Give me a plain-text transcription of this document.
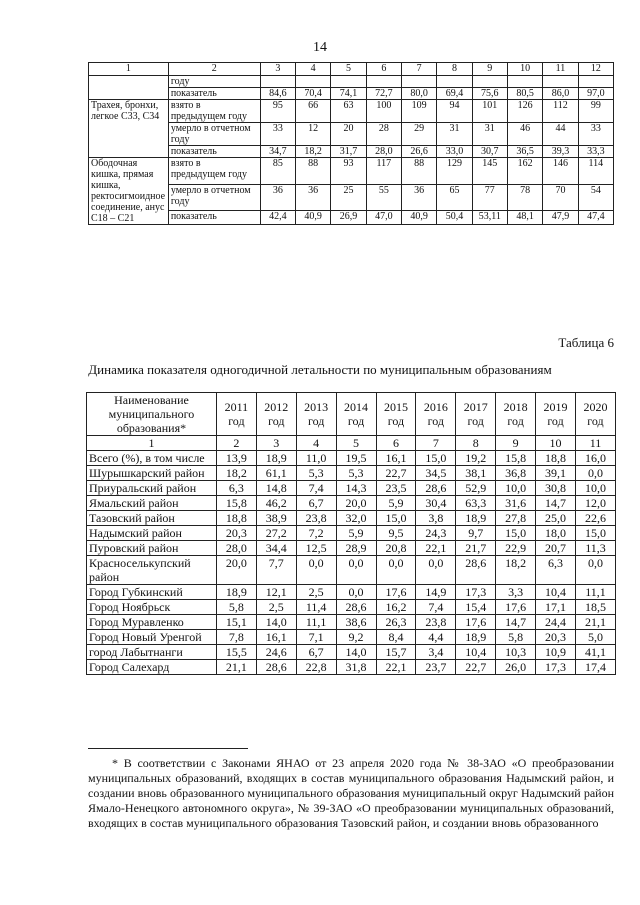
14
1	2	3	4	5	6	7	8	9	10	11	12
	году										
	показатель	84,6	70,4	74,1	72,7	80,0	69,4	75,6	80,5	86,0	97,0
Трахея, бронхи, легкое С33, С34	взято в предыдущем году	95	66	63	100	109	94	101	126	112	99
	умерло в отчетном году	33	12	20	28	29	31	31	46	44	33
	показатель	34,7	18,2	31,7	28,0	26,6	33,0	30,7	36,5	39,3	33,3
Ободочная кишка, прямая кишка, ректосигмоидное соединение, анус С18 – С21	взято в предыдущем году	85	88	93	117	88	129	145	162	146	114
	умерло в отчетном году	36	36	25	55	36	65	77	78	70	54
	показатель	42,4	40,9	26,9	47,0	40,9	50,4	53,11	48,1	47,9	47,4
Таблица 6
Динамика показателя одногодичной летальности по муниципальным образованиям
Наименование муниципального образования*	2011 год	2012 год	2013 год	2014 год	2015 год	2016 год	2017 год	2018 год	2019 год	2020 год
1	2	3	4	5	6	7	8	9	10	11
Всего (%), в том числе	13,9	18,9	11,0	19,5	16,1	15,0	19,2	15,8	18,8	16,0
Шурышкарский район	18,2	61,1	5,3	5,3	22,7	34,5	38,1	36,8	39,1	0,0
Приуральский район	6,3	14,8	7,4	14,3	23,5	28,6	52,9	10,0	30,8	10,0
Ямальский район	15,8	46,2	6,7	20,0	5,9	30,4	63,3	31,6	14,7	12,0
Тазовский район	18,8	38,9	23,8	32,0	15,0	3,8	18,9	27,8	25,0	22,6
Надымский район	20,3	27,2	7,2	5,9	9,5	24,3	9,7	15,0	18,0	15,0
Пуровский район	28,0	34,4	12,5	28,9	20,8	22,1	21,7	22,9	20,7	11,3
Красноселькупский район	20,0	7,7	0,0	0,0	0,0	0,0	28,6	18,2	6,3	0,0
Город Губкинский	18,9	12,1	2,5	0,0	17,6	14,9	17,3	3,3	10,4	11,1
Город Ноябрьск	5,8	2,5	11,4	28,6	16,2	7,4	15,4	17,6	17,1	18,5
Город Муравленко	15,1	14,0	11,1	38,6	26,3	23,8	17,6	14,7	24,4	21,1
Город Новый Уренгой	7,8	16,1	7,1	9,2	8,4	4,4	18,9	5,8	20,3	5,0
город Лабытнанги	15,5	24,6	6,7	14,0	15,7	3,4	10,4	10,3	10,9	41,1
Город Салехард	21,1	28,6	22,8	31,8	22,1	23,7	22,7	26,0	17,3	17,4
* В соответствии с Законами ЯНАО от 23 апреля 2020 года № 38-ЗАО «О преобразовании муниципальных образований, входящих в состав муниципального образования Надымский район, и создании вновь образованного муниципального образования муниципальный округ Надымский район Ямало-Ненецкого автономного округа», № 39-ЗАО «О преобразовании муниципальных образований, входящих в состав муниципального образования Тазовский район, и создании вновь образованного
